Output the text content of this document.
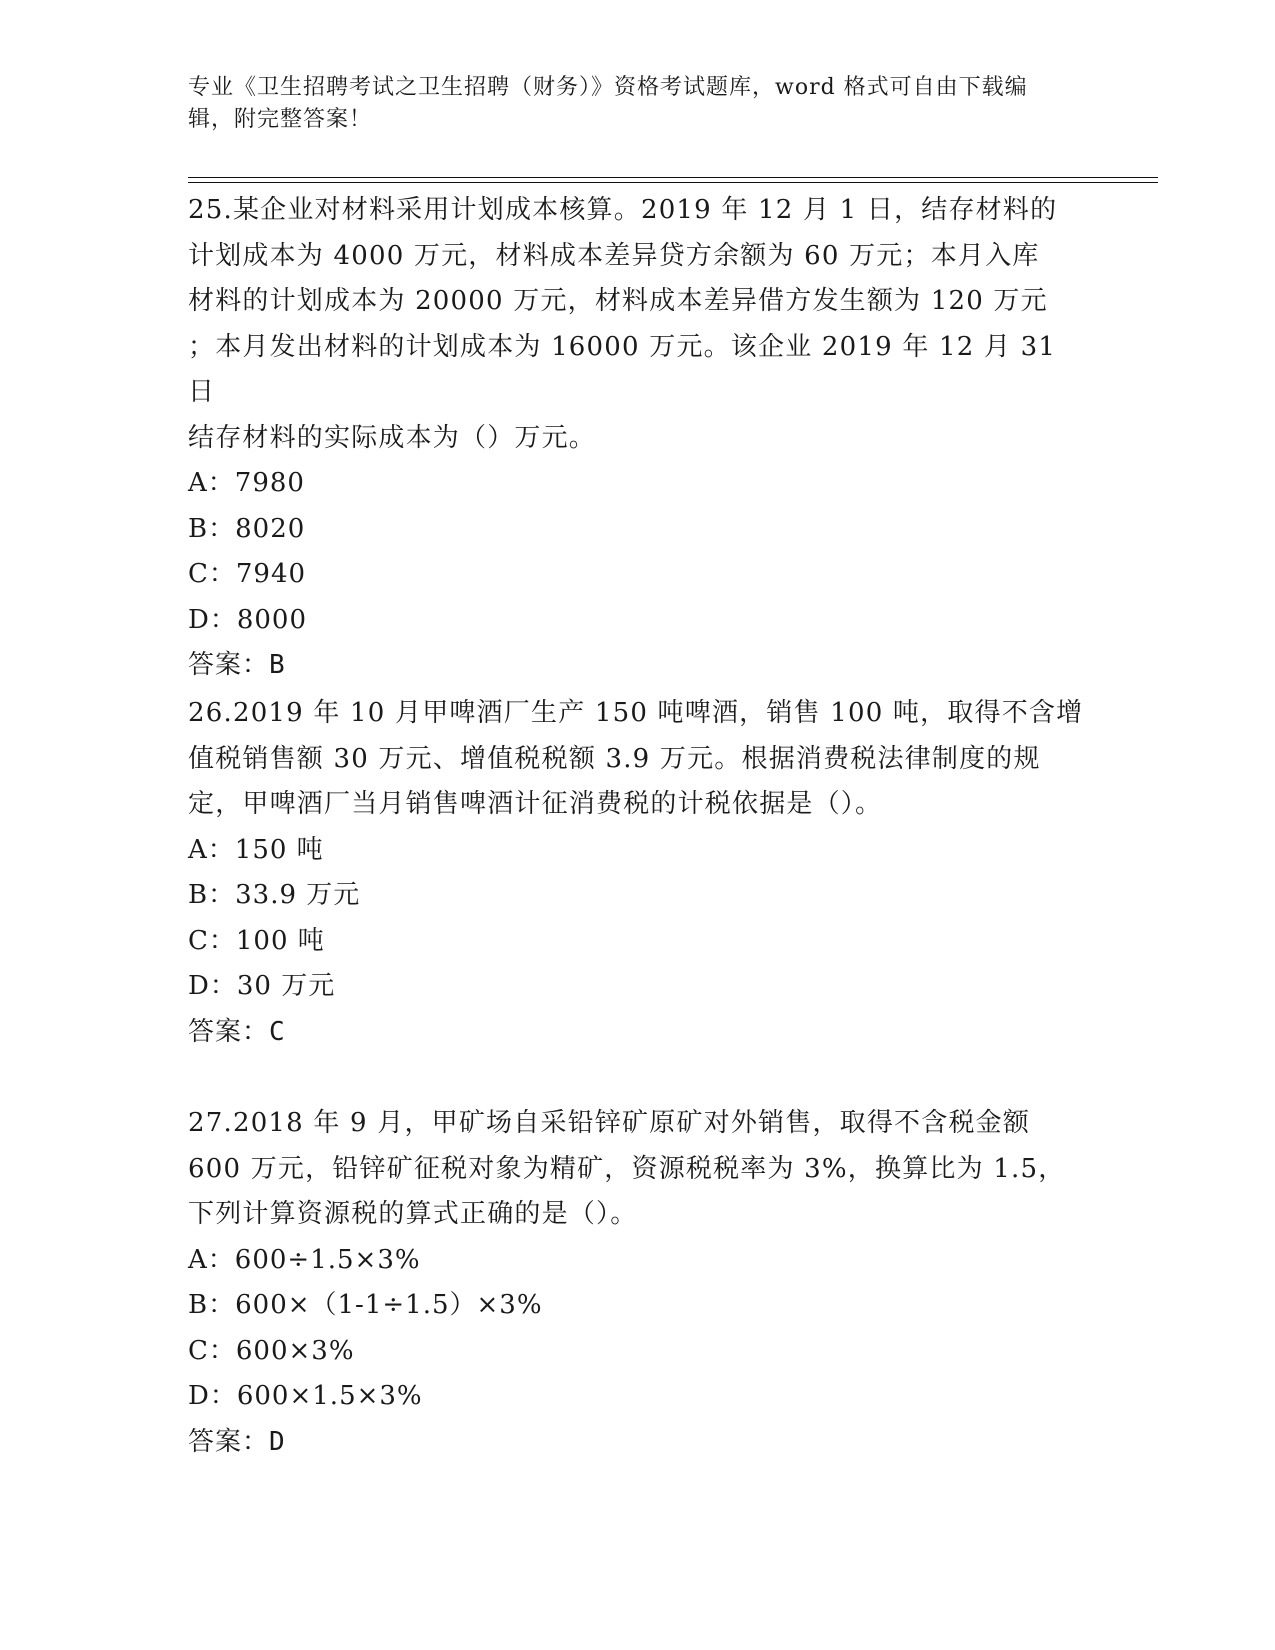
专业《卫生招聘考试之卫生招聘（财务）》资格考试题库，word 格式可自由下载编辑，附完整答案！

25.某企业对材料采用计划成本核算。2019 年 12 月 1 日，结存材料的
计划成本为 4000 万元，材料成本差异贷方余额为 60 万元；本月入库
材料的计划成本为 20000 万元，材料成本差异借方发生额为 120 万元
；本月发出材料的计划成本为 16000 万元。该企业 2019 年 12 月 31 日
结存材料的实际成本为（）万元。

A：7980

B：8020

C：7940

D：8000

答案：B

26.2019 年 10 月甲啤酒厂生产 150 吨啤酒，销售 100 吨，取得不含增
值税销售额 30 万元、增值税税额 3.9 万元。根据消费税法律制度的规
定，甲啤酒厂当月销售啤酒计征消费税的计税依据是（）。

A：150 吨

B：33.9 万元

C：100 吨

D：30 万元

答案：C

27.2018 年 9 月，甲矿场自采铅锌矿原矿对外销售，取得不含税金额
600 万元，铅锌矿征税对象为精矿，资源税税率为 3%，换算比为 1.5，
下列计算资源税的算式正确的是（）。

A：600÷1.5×3%

B：600×（1-1÷1.5）×3%

C：600×3%

D：600×1.5×3%

答案：D
